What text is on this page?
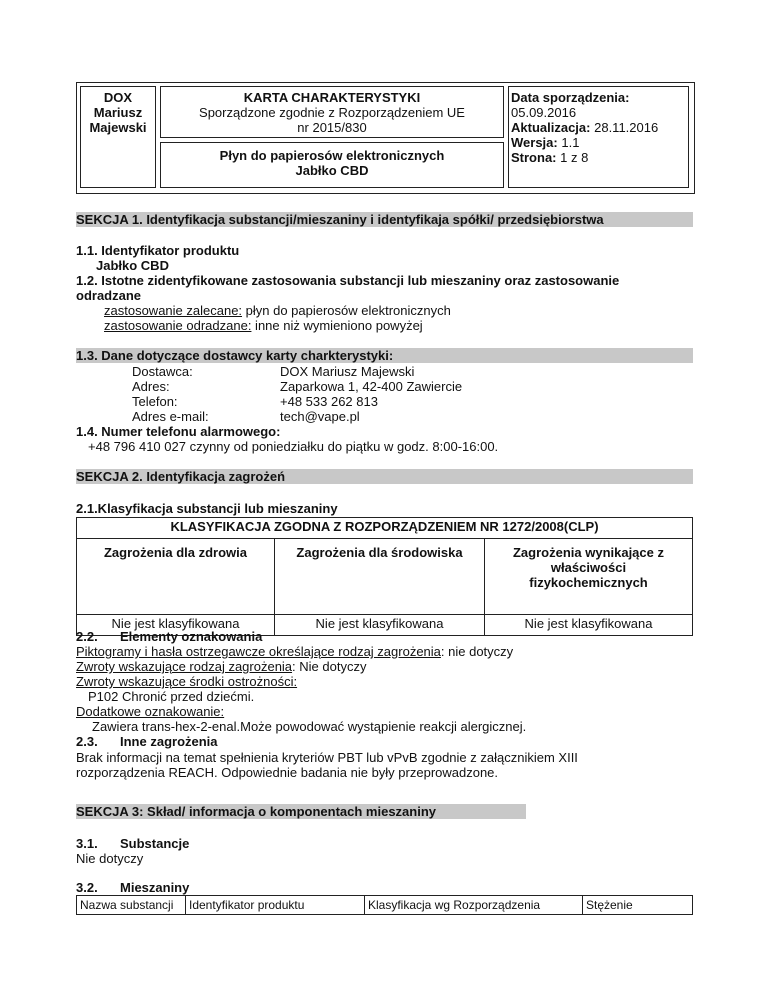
DOX
Mariusz
Majewski
KARTA CHARAKTERYSTYKI
Sporządzone zgodnie z Rozporządzeniem UE
nr 2015/830
Płyn do papierosów elektronicznych
Jabłko CBD
Data sporządzenia:
05.09.2016
Aktualizacja: 28.11.2016
Wersja: 1.1
Strona: 1 z 8
SEKCJA 1. Identyfikacja substancji/mieszaniny i identyfikaja spółki/ przedsiębiorstwa
1.1. Identyfikator produktu
Jabłko CBD
1.2. Istotne zidentyfikowane zastosowania substancji lub mieszaniny oraz zastosowanie
odradzane
zastosowanie zalecane: płyn do papierosów elektronicznych
zastosowanie odradzane: inne niż wymieniono powyżej
1.3. Dane dotyczące dostawcy karty charkterystyki:
Dostawca:	DOX Mariusz Majewski
Adres:	Zaparkowa 1, 42-400 Zawiercie
Telefon:	+48 533 262 813
Adres e-mail:	tech@vape.pl
1.4. Numer telefonu alarmowego:
+48 796 410 027 czynny od poniedziałku do piątku w godz. 8:00-16:00.
SEKCJA 2. Identyfikacja zagrożeń
2.1.Klasyfikacja substancji lub mieszaniny
KLASYFIKACJA ZGODNA Z ROZPORZĄDZENIEM NR 1272/2008(CLP)
Zagrożenia dla zdrowia	Zagrożenia dla środowiska	Zagrożenia wynikające z
właściwości
fizykochemicznych
Nie jest klasyfikowana	Nie jest klasyfikowana	Nie jest klasyfikowana
2.2. Elementy oznakowania
Piktogramy i hasła ostrzegawcze określające rodzaj zagrożenia: nie dotyczy
Zwroty wskazujące rodzaj zagrożenia: Nie dotyczy
Zwroty wskazujące środki ostrożności:
P102 Chronić przed dziećmi.
Dodatkowe oznakowanie:
Zawiera trans-hex-2-enal.Może powodować wystąpienie reakcji alergicznej.
2.3. Inne zagrożenia
Brak informacji na temat spełnienia kryteriów PBT lub vPvB zgodnie z załącznikiem XIII
rozporządzenia REACH. Odpowiednie badania nie były przeprowadzone.
SEKCJA 3: Skład/ informacja o komponentach mieszaniny
3.1. Substancje
Nie dotyczy
3.2. Mieszaniny
Nazwa substancji	Identyfikator produktu	Klasyfikacja wg Rozporządzenia	Stężenie
